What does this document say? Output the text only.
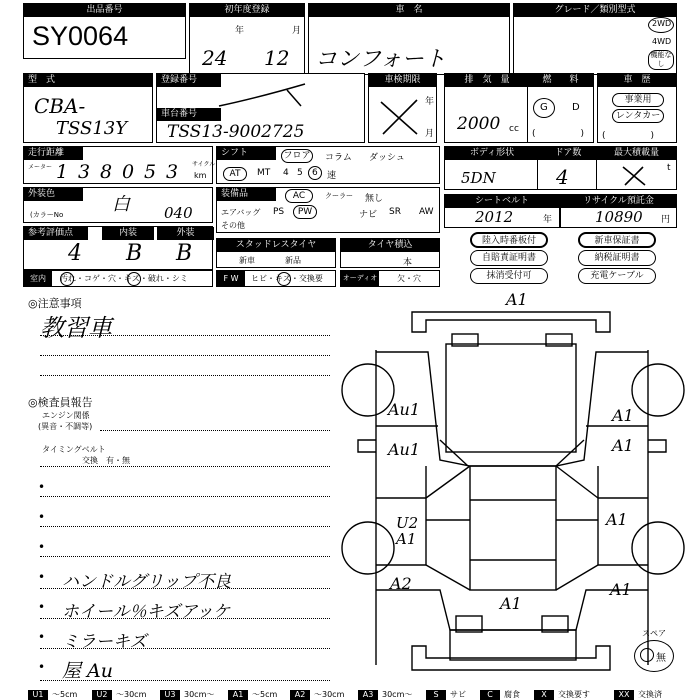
出品番号
SY0064
初年度登録
年	月
24 12
車　名
コンフォート
グレード／類別型式
2WD
4WD
機能なし
型　式
CBA-
TSS13Y
登録番号
車台番号
TSS13-9002725
車検期限
年
月
排　気　量
2000 cc
燃　　料
G D
(　　　　　)
車　歴
事業用
レンタカー
(　　　　　)
走行距離
メーター 1 3 8 0 5 3 サイクル
km
シフト	フロア コラム ダッシュ
AT	MT 4 5 6 速
ボディ形状
5DN
ドア数
4
最大積載量
t
外装色
(カラーNo	白 040
装備品	AC	クーラー 無し
エアバッグ PS	PW	ナビ SR AW
その他
シートベルト
2012	年
リサイクル預託金
10890 円
参考評価点	内装	外装
4 B B	スタッドレスタイヤ
新車	新品
タイヤ積込
本
陸入時番板付	新車保証書
自賠責証明書	納税証明書
抹消受付可	充電ケーブル
室内	汚れ・コゲ・穴・キズ・破れ・シミ	F W	ヒビ・キズ・交換要	オーディオ 欠・穴
◎注意事項
教習車
◎検査員報告
エンジン関係
(異音・不調等)
タイミングベルト
交換　有・無
•
•
•
• ハンドルグリップ不良
• ホイール％キズアッケ
• ミラーキズ
• 屋 Au
A1
Au1
Au1
A1
A1
U2
A1
A1
A2	A1
A1
スペア
無
U1	〜5cm	U2	〜30cm	U3	30cm〜	A1	〜5cm	A2	〜30cm	A3	30cm〜	S	サビ	C	腐食	X	交換要す	XX	交換済
